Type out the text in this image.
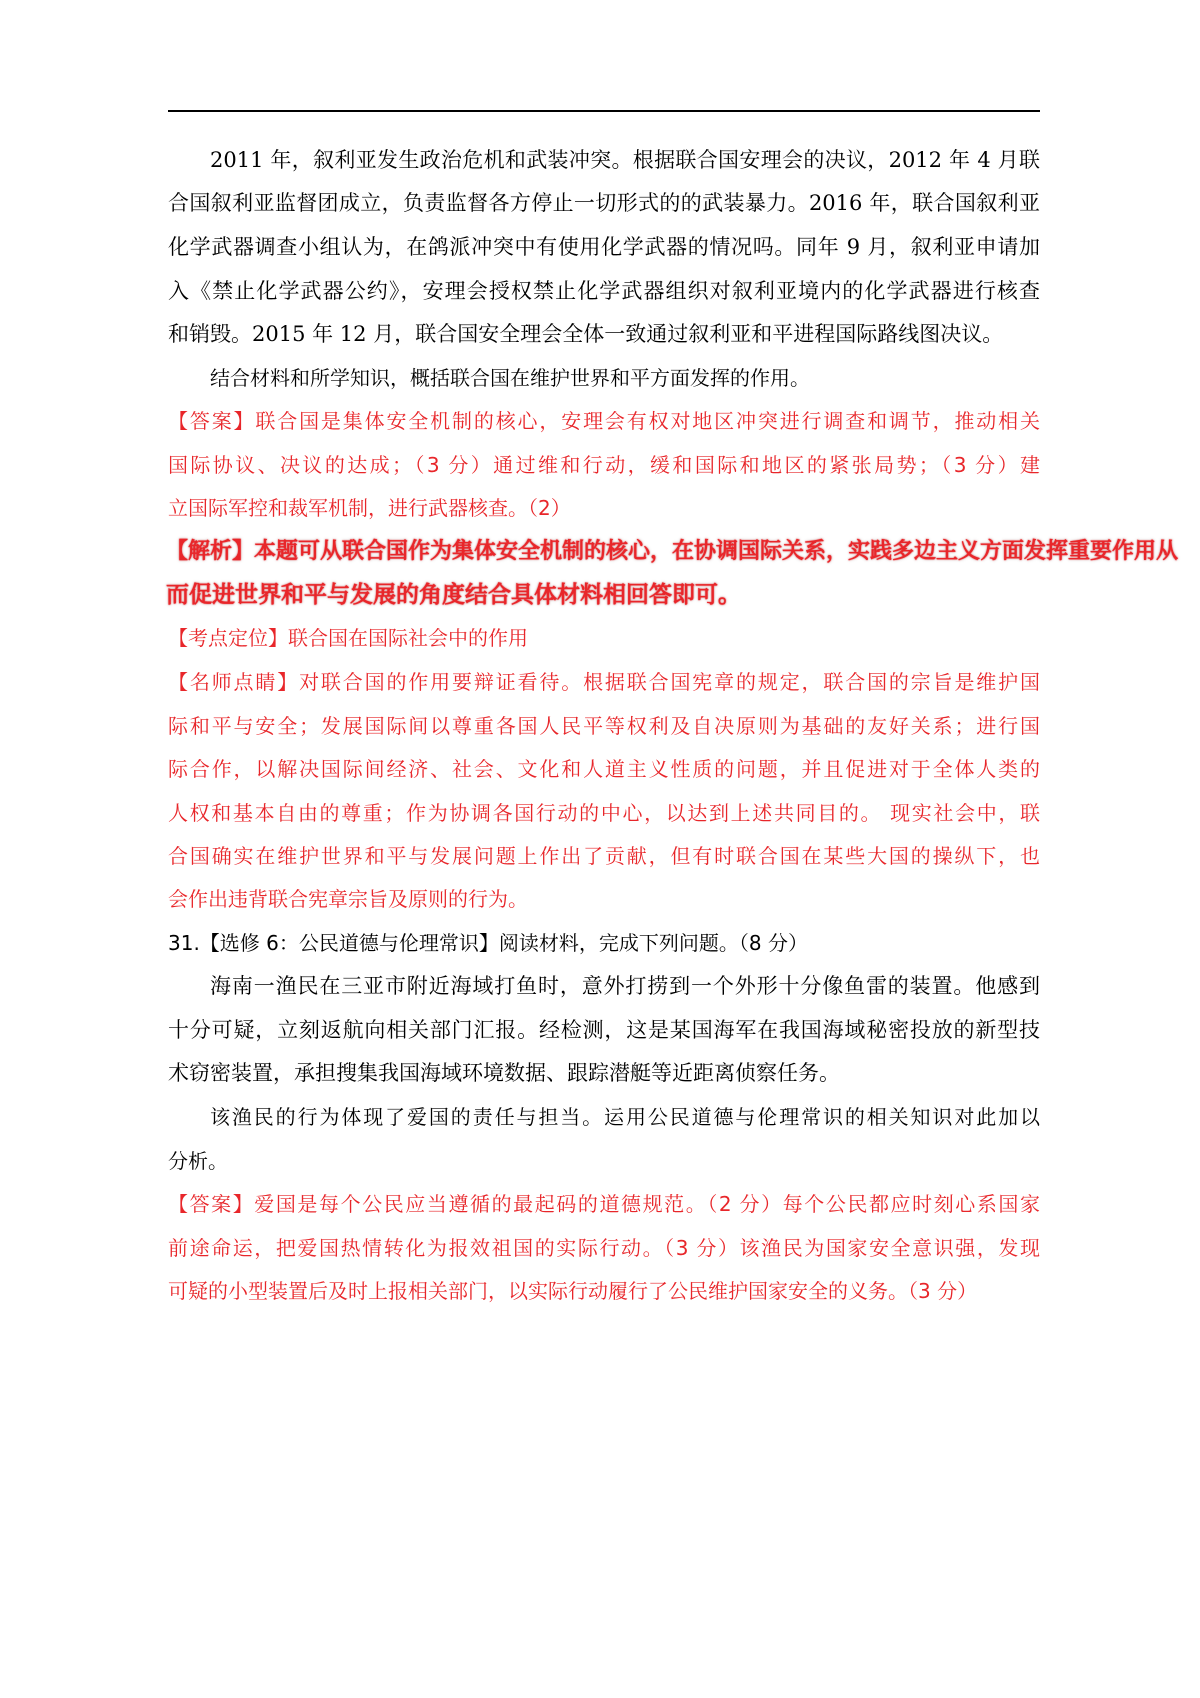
2011 年，叙利亚发生政治危机和武装冲突。根据联合国安理会的决议，2012 年 4 月联
合国叙利亚监督团成立，负责监督各方停止一切形式的的武装暴力。2016 年，联合国叙利亚
化学武器调查小组认为，在鸽派冲突中有使用化学武器的情况吗。同年 9 月，叙利亚申请加
入《禁止化学武器公约》，安理会授权禁止化学武器组织对叙利亚境内的化学武器进行核查
和销毁。2015 年 12 月，联合国安全理会全体一致通过叙利亚和平进程国际路线图决议。
结合材料和所学知识，概括联合国在维护世界和平方面发挥的作用。
【答案】联合国是集体安全机制的核心，安理会有权对地区冲突进行调查和调节，推动相关
国际协议、决议的达成；（3 分）通过维和行动，缓和国际和地区的紧张局势；（3 分）建
立国际军控和裁军机制，进行武器核查。（2）
【解析】本题可从联合国作为集体安全机制的核心，在协调国际关系，实践多边主义方面发挥重要作用从
而促进世界和平与发展的角度结合具体材料相回答即可。
【考点定位】联合国在国际社会中的作用
【名师点睛】对联合国的作用要辩证看待。根据联合国宪章的规定，联合国的宗旨是维护国
际和平与安全；发展国际间以尊重各国人民平等权利及自决原则为基础的友好关系；进行国
际合作，以解决国际间经济、社会、文化和人道主义性质的问题，并且促进对于全体人类的
人权和基本自由的尊重；作为协调各国行动的中心，以达到上述共同目的。 现实社会中，联
合国确实在维护世界和平与发展问题上作出了贡献，但有时联合国在某些大国的操纵下，也
会作出违背联合宪章宗旨及原则的行为。
31.【选修 6：公民道德与伦理常识】阅读材料，完成下列问题。（8 分）
海南一渔民在三亚市附近海域打鱼时，意外打捞到一个外形十分像鱼雷的装置。他感到
十分可疑，立刻返航向相关部门汇报。经检测，这是某国海军在我国海域秘密投放的新型技
术窃密装置，承担搜集我国海域环境数据、跟踪潜艇等近距离侦察任务。
该渔民的行为体现了爱国的责任与担当。运用公民道德与伦理常识的相关知识对此加以
分析。
【答案】爱国是每个公民应当遵循的最起码的道德规范。（2 分）每个公民都应时刻心系国家
前途命运，把爱国热情转化为报效祖国的实际行动。（3 分）该渔民为国家安全意识强，发现
可疑的小型装置后及时上报相关部门，以实际行动履行了公民维护国家安全的义务。（3 分）
